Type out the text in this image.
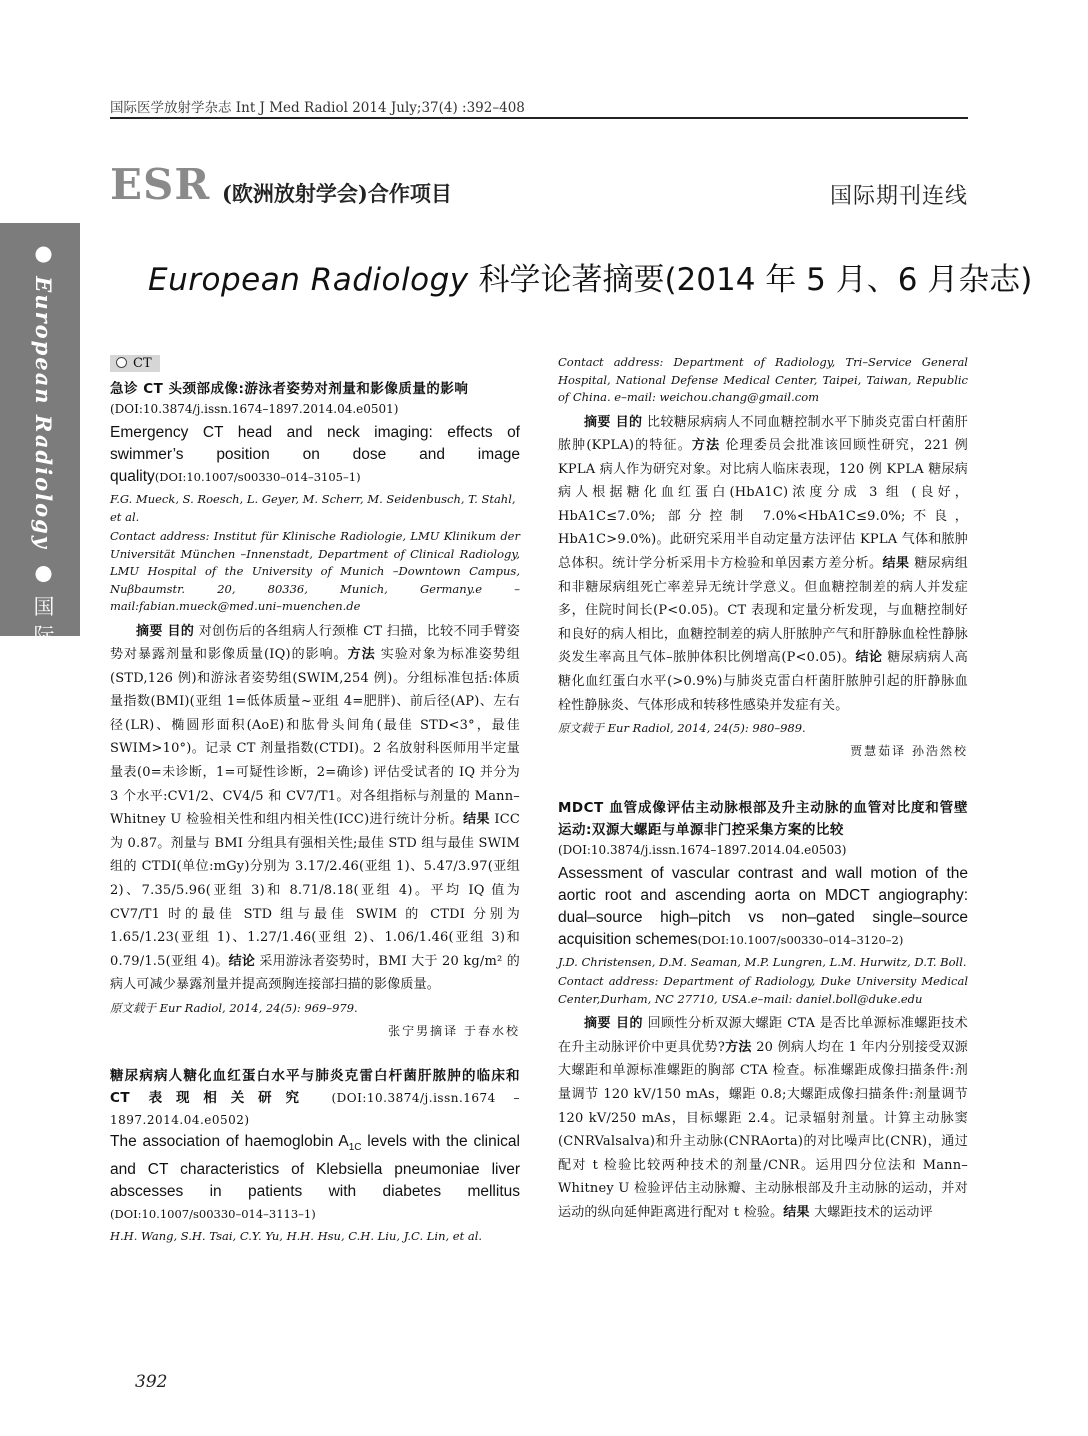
国际医学放射学杂志 Int J Med Radiol 2014 July;37(4) :392–408
ESR (欧洲放射学会)合作项目	国际期刊连线
● European Radiology ● 国际期刊连线
European Radiology 科学论著摘要(2014 年 5 月、6 月杂志)
CT
急诊 CT 头颈部成像:游泳者姿势对剂量和影像质量的影响
(DOI:10.3874/j.issn.1674–1897.2014.04.e0501)
Emergency CT head and neck imaging: effects of swimmer’s position on dose and image quality(DOI:10.1007/s00330–014–3105–1)
F.G. Mueck, S. Roesch, L. Geyer, M. Scherr, M. Seidenbusch, T. Stahl, et al.
Contact address: Institut für Klinische Radiologie, LMU Klinikum der Universität München –Innenstadt, Department of Clinical Radiology, LMU Hospital of the University of Munich –Downtown Campus, Nuβbaumstr. 20, 80336, Munich, Germany.e –mail:fabian.mueck@med.uni–muenchen.de
摘要 目的 对创伤后的各组病人行颈椎 CT 扫描，比较不同手臂姿势对暴露剂量和影像质量(IQ)的影响。方法 实验对象为标准姿势组(STD,126 例)和游泳者姿势组(SWIM,254 例)。分组标准包括:体质量指数(BMI)(亚组 1=低体质量~亚组 4=肥胖)、前后径(AP)、左右径(LR)、椭圆形面积(AoE)和肱骨头间角(最佳 STD<3°，最佳 SWIM>10°)。记录 CT 剂量指数(CTDI)。2 名放射科医师用半定量量表(0=未诊断，1=可疑性诊断，2=确诊) 评估受试者的 IQ 并分为 3 个水平:CV1/2、CV4/5 和 CV7/T1。对各组指标与剂量的 Mann–Whitney U 检验相关性和组内相关性(ICC)进行统计分析。结果 ICC 为 0.87。剂量与 BMI 分组具有强相关性;最佳 STD 组与最佳 SWIM 组的 CTDI(单位:mGy)分别为 3.17/2.46(亚组 1)、5.47/3.97(亚组 2)、7.35/5.96(亚组 3)和 8.71/8.18(亚组 4)。平均 IQ 值为 CV7/T1 时的最佳 STD 组与最佳 SWIM 的 CTDI 分别为 1.65/1.23(亚组 1)、1.27/1.46(亚组 2)、1.06/1.46(亚组 3)和 0.79/1.5(亚组 4)。结论 采用游泳者姿势时，BMI 大于 20 kg/m² 的病人可减少暴露剂量并提高颈胸连接部扫描的影像质量。
原文载于 Eur Radiol, 2014, 24(5): 969–979.
张宁男摘译 于春水校
糖尿病病人糖化血红蛋白水平与肺炎克雷白杆菌肝脓肿的临床和 CT 表现相关研究 (DOI:10.3874/j.issn.1674 –1897.2014.04.e0502)
The association of haemoglobin $A_{1C}$ levels with the clinical and CT characteristics of Klebsiella pneumoniae liver abscesses in patients with diabetes mellitus (DOI:10.1007/s00330–014–3113–1)
H.H. Wang, S.H. Tsai, C.Y. Yu, H.H. Hsu, C.H. Liu, J.C. Lin, et al.
Contact address: Department of Radiology, Tri–Service General Hospital, National Defense Medical Center, Taipei, Taiwan, Republic of China. e–mail: weichou.chang@gmail.com
摘要 目的 比较糖尿病病人不同血糖控制水平下肺炎克雷白杆菌肝脓肿(KPLA)的特征。方法 伦理委员会批准该回顾性研究，221 例 KPLA 病人作为研究对象。对比病人临床表现，120 例 KPLA 糖尿病病人根据糖化血红蛋白(HbA1C)浓度分成 3 组 (良好，HbA1C≤7.0%; 部分控制 7.0%<HbA1C≤9.0%;不良，HbA1C>9.0%)。此研究采用半自动定量方法评估 KPLA 气体和脓肿总体积。统计学分析采用卡方检验和单因素方差分析。结果 糖尿病组和非糖尿病组死亡率差异无统计学意义。但血糖控制差的病人并发症多，住院时间长(P<0.05)。CT 表现和定量分析发现，与血糖控制好和良好的病人相比，血糖控制差的病人肝脓肿产气和肝静脉血栓性静脉炎发生率高且气体–脓肿体积比例增高(P<0.05)。结论 糖尿病病人高糖化血红蛋白水平(>0.9%)与肺炎克雷白杆菌肝脓肿引起的肝静脉血栓性静脉炎、气体形成和转移性感染并发症有关。
原文载于 Eur Radiol, 2014, 24(5): 980–989.
贾慧茹译 孙浩然校
MDCT 血管成像评估主动脉根部及升主动脉的血管对比度和管壁运动:双源大螺距与单源非门控采集方案的比较
(DOI:10.3874/j.issn.1674–1897.2014.04.e0503)
Assessment of vascular contrast and wall motion of the aortic root and ascending aorta on MDCT angiography: dual–source high–pitch vs non–gated single–source acquisition schemes(DOI:10.1007/s00330–014–3120–2)
J.D. Christensen, D.M. Seaman, M.P. Lungren, L.M. Hurwitz, D.T. Boll.
Contact address: Department of Radiology, Duke University Medical Center,Durham, NC 27710, USA.e–mail: daniel.boll@duke.edu
摘要 目的 回顾性分析双源大螺距 CTA 是否比单源标准螺距技术在升主动脉评价中更具优势?方法 20 例病人均在 1 年内分别接受双源大螺距和单源标准螺距的胸部 CTA 检查。标准螺距成像扫描条件:剂量调节 120 kV/150 mAs，螺距 0.8;大螺距成像扫描条件:剂量调节 120 kV/250 mAs，目标螺距 2.4。记录辐射剂量。计算主动脉窦(CNRValsalva)和升主动脉(CNRAorta)的对比噪声比(CNR)，通过配对 t 检验比较两种技术的剂量/CNR。运用四分位法和 Mann–Whitney U 检验评估主动脉瓣、主动脉根部及升主动脉的运动，并对运动的纵向延伸距离进行配对 t 检验。结果 大螺距技术的运动评
392
